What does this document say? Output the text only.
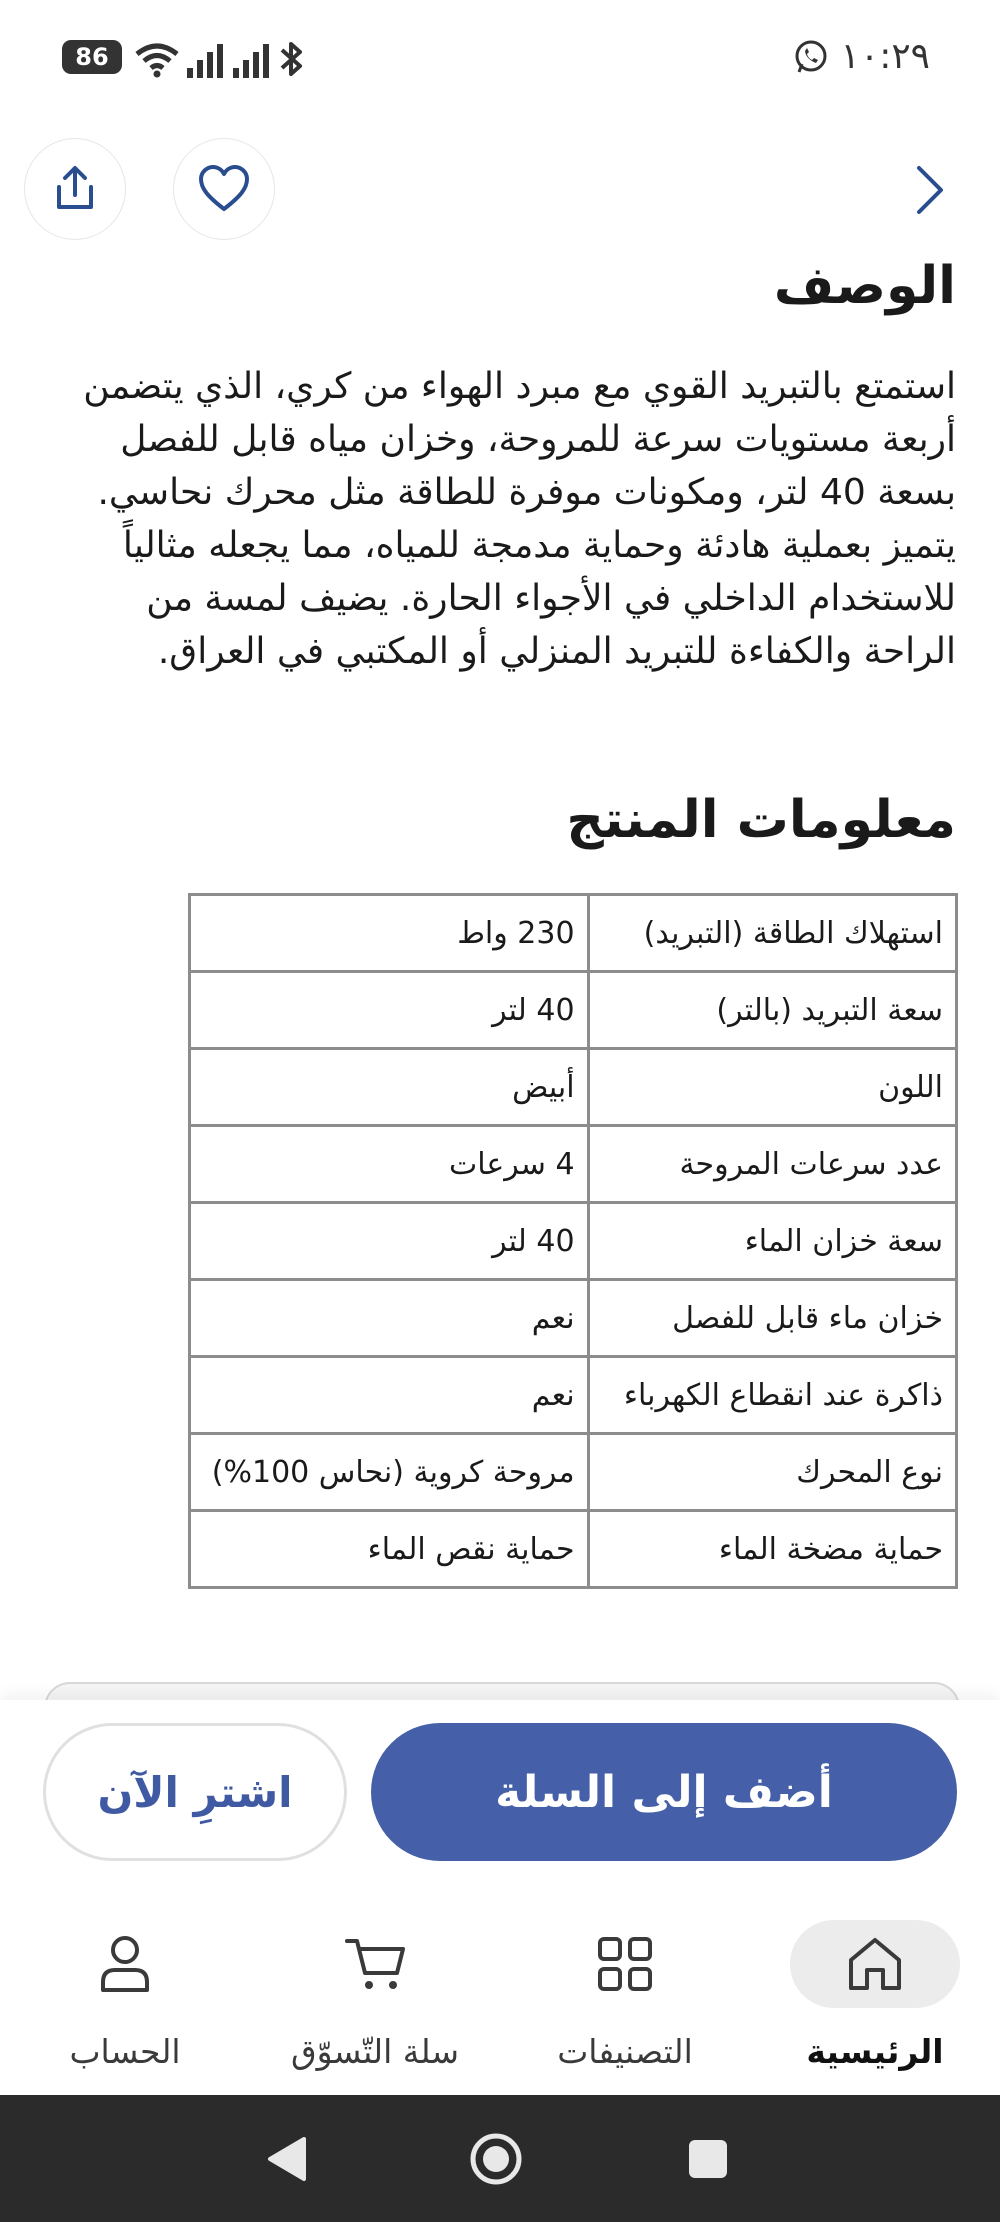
86	١٠:٢٩
الوصف

استمتع بالتبريد القوي مع مبرد الهواء من كري، الذي يتضمن أربعة مستويات سرعة للمروحة، وخزان مياه قابل للفصل بسعة 40 لتر، ومكونات موفرة للطاقة مثل محرك نحاسي. يتميز بعملية هادئة وحماية مدمجة للمياه، مما يجعله مثالياً للاستخدام الداخلي في الأجواء الحارة. يضيف لمسة من الراحة والكفاءة للتبريد المنزلي أو المكتبي في العراق.

معلومات المنتج
استهلاك الطاقة (التبريد)	230 واط
سعة التبريد (بالتر)	40 لتر
اللون	أبيض
عدد سرعات المروحة	4 سرعات
سعة خزان الماء	40 لتر
خزان ماء قابل للفصل	نعم
ذاكرة عند انقطاع الكهرباء	نعم
نوع المحرك	مروحة كروية (نحاس 100%)
حماية مضخة الماء	حماية نقص الماء
أضف إلى السلة
اشترِ الآن
الرئيسية
التصنيفات
سلة التّسوّق
الحساب
